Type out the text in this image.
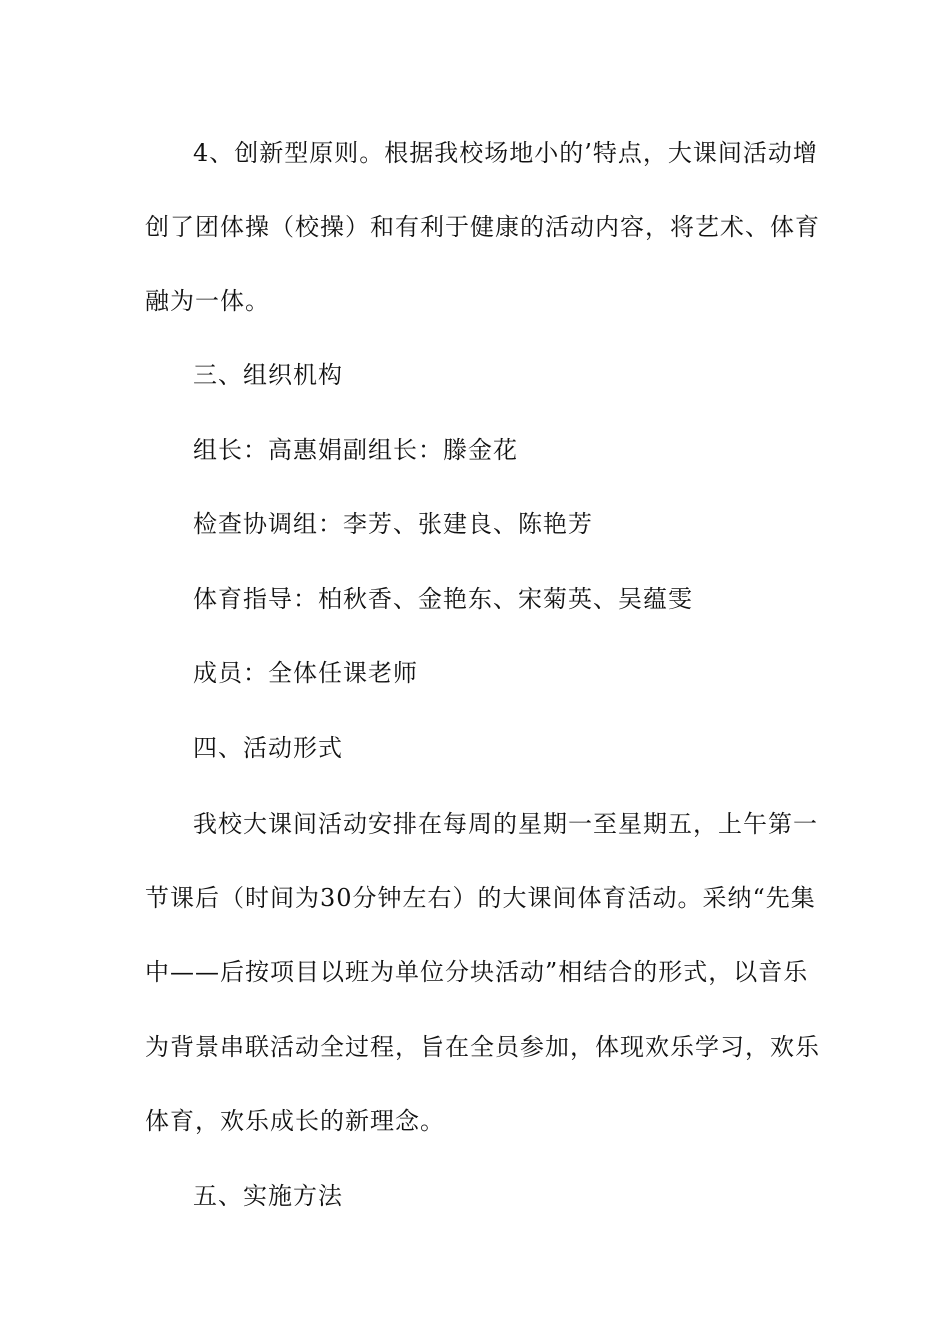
4、创新型原则。根据我校场地小的’特点，大课间活动增
创了团体操（校操）和有利于健康的活动内容，将艺术、体育
融为一体。
三、组织机构
组长：高惠娟副组长：滕金花
检查协调组：李芳、张建良、陈艳芳
体育指导：柏秋香、金艳东、宋菊英、吴蕴雯
成员：全体任课老师
四、活动形式
我校大课间活动安排在每周的星期一至星期五，上午第一
节课后（时间为30分钟左右）的大课间体育活动。采纳“先集
中——后按项目以班为单位分块活动”相结合的形式，以音乐
为背景串联活动全过程，旨在全员参加，体现欢乐学习，欢乐
体育，欢乐成长的新理念。
五、实施方法
